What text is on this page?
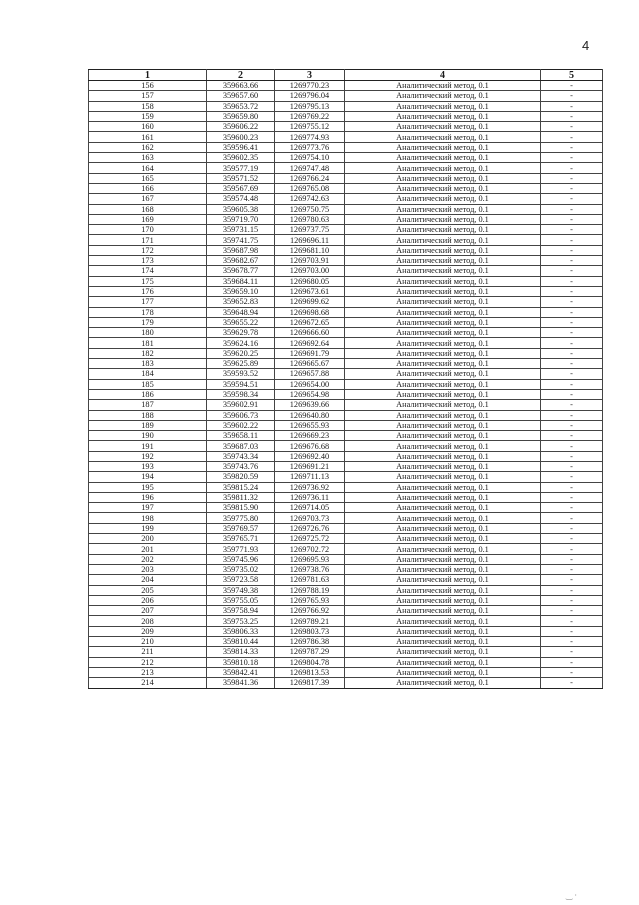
4
1	2	3	4	5
156	359663.66	1269770.23	Аналитический метод, 0.1	-
157	359657.60	1269796.04	Аналитический метод, 0.1	-
158	359653.72	1269795.13	Аналитический метод, 0.1	-
159	359659.80	1269769.22	Аналитический метод, 0.1	-
160	359606.22	1269755.12	Аналитический метод, 0.1	-
161	359600.23	1269774.93	Аналитический метод, 0.1	-
162	359596.41	1269773.76	Аналитический метод, 0.1	-
163	359602.35	1269754.10	Аналитический метод, 0.1	-
164	359577.19	1269747.48	Аналитический метод, 0.1	-
165	359571.52	1269766.24	Аналитический метод, 0.1	-
166	359567.69	1269765.08	Аналитический метод, 0.1	-
167	359574.48	1269742.63	Аналитический метод, 0.1	-
168	359605.38	1269750.75	Аналитический метод, 0.1	-
169	359719.70	1269780.63	Аналитический метод, 0.1	-
170	359731.15	1269737.75	Аналитический метод, 0.1	-
171	359741.75	1269696.11	Аналитический метод, 0.1	-
172	359687.98	1269681.10	Аналитический метод, 0.1	-
173	359682.67	1269703.91	Аналитический метод, 0.1	-
174	359678.77	1269703.00	Аналитический метод, 0.1	-
175	359684.11	1269680.05	Аналитический метод, 0.1	-
176	359659.10	1269673.61	Аналитический метод, 0.1	-
177	359652.83	1269699.62	Аналитический метод, 0.1	-
178	359648.94	1269698.68	Аналитический метод, 0.1	-
179	359655.22	1269672.65	Аналитический метод, 0.1	-
180	359629.78	1269666.60	Аналитический метод, 0.1	-
181	359624.16	1269692.64	Аналитический метод, 0.1	-
182	359620.25	1269691.79	Аналитический метод, 0.1	-
183	359625.89	1269665.67	Аналитический метод, 0.1	-
184	359593.52	1269657.88	Аналитический метод, 0.1	-
185	359594.51	1269654.00	Аналитический метод, 0.1	-
186	359598.34	1269654.98	Аналитический метод, 0.1	-
187	359602.91	1269639.66	Аналитический метод, 0.1	-
188	359606.73	1269640.80	Аналитический метод, 0.1	-
189	359602.22	1269655.93	Аналитический метод, 0.1	-
190	359658.11	1269669.23	Аналитический метод, 0.1	-
191	359687.03	1269676.68	Аналитический метод, 0.1	-
192	359743.34	1269692.40	Аналитический метод, 0.1	-
193	359743.76	1269691.21	Аналитический метод, 0.1	-
194	359820.59	1269711.13	Аналитический метод, 0.1	-
195	359815.24	1269736.92	Аналитический метод, 0.1	-
196	359811.32	1269736.11	Аналитический метод, 0.1	-
197	359815.90	1269714.05	Аналитический метод, 0.1	-
198	359775.80	1269703.73	Аналитический метод, 0.1	-
199	359769.57	1269726.76	Аналитический метод, 0.1	-
200	359765.71	1269725.72	Аналитический метод, 0.1	-
201	359771.93	1269702.72	Аналитический метод, 0.1	-
202	359745.96	1269695.93	Аналитический метод, 0.1	-
203	359735.02	1269738.76	Аналитический метод, 0.1	-
204	359723.58	1269781.63	Аналитический метод, 0.1	-
205	359749.38	1269788.19	Аналитический метод, 0.1	-
206	359755.05	1269765.93	Аналитический метод, 0.1	-
207	359758.94	1269766.92	Аналитический метод, 0.1	-
208	359753.25	1269789.21	Аналитический метод, 0.1	-
209	359806.33	1269803.73	Аналитический метод, 0.1	-
210	359810.44	1269786.38	Аналитический метод, 0.1	-
211	359814.33	1269787.29	Аналитический метод, 0.1	-
212	359810.18	1269804.78	Аналитический метод, 0.1	-
213	359842.41	1269813.53	Аналитический метод, 0.1	-
214	359841.36	1269817.39	Аналитический метод, 0.1	-
‿ ·
